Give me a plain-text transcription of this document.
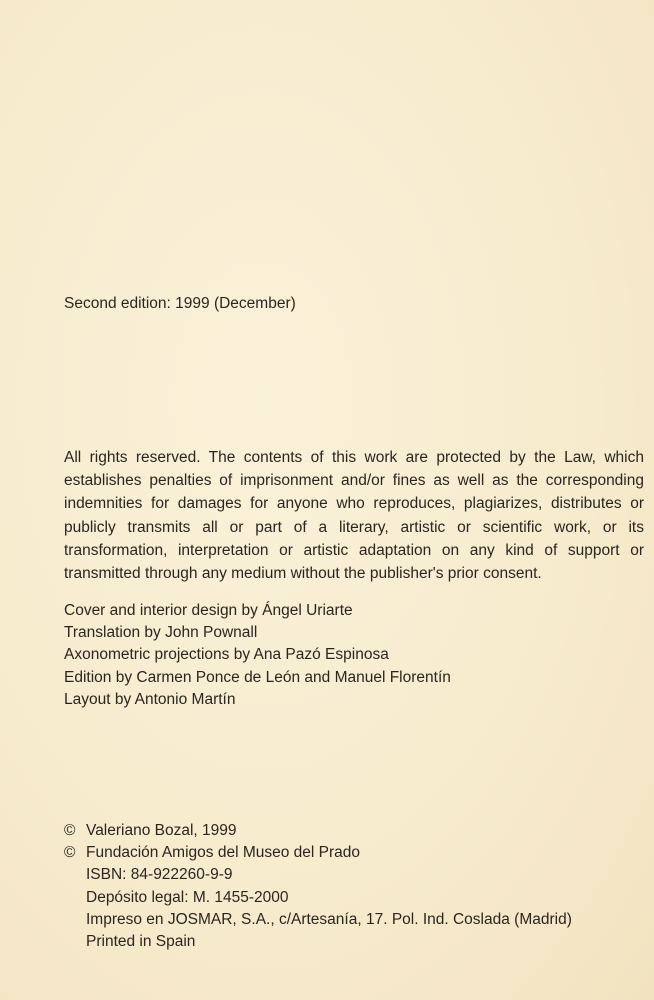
Second edition: 1999 (December)

All rights reserved. The contents of this work are protected by the Law, which establishes penalties of imprisonment and/or fines as well as the corresponding indemnities for damages for anyone who reproduces, plagiarizes, distributes or publicly transmits all or part of a literary, artistic or scientific work, or its transformation, interpretation or artistic adaptation on any kind of support or transmitted through any medium without the publisher's prior consent.

Cover and interior design by Ángel Uriarte
Translation by John Pownall
Axonometric projections by Ana Pazó Espinosa
Edition by Carmen Ponce de León and Manuel Florentín
Layout by Antonio Martín
© Valeriano Bozal, 1999
© Fundación Amigos del Museo del Prado
ISBN: 84-922260-9-9
Depósito legal: M. 1455-2000
Impreso en JOSMAR, S.A., c/Artesanía, 17. Pol. Ind. Coslada (Madrid)
Printed in Spain
